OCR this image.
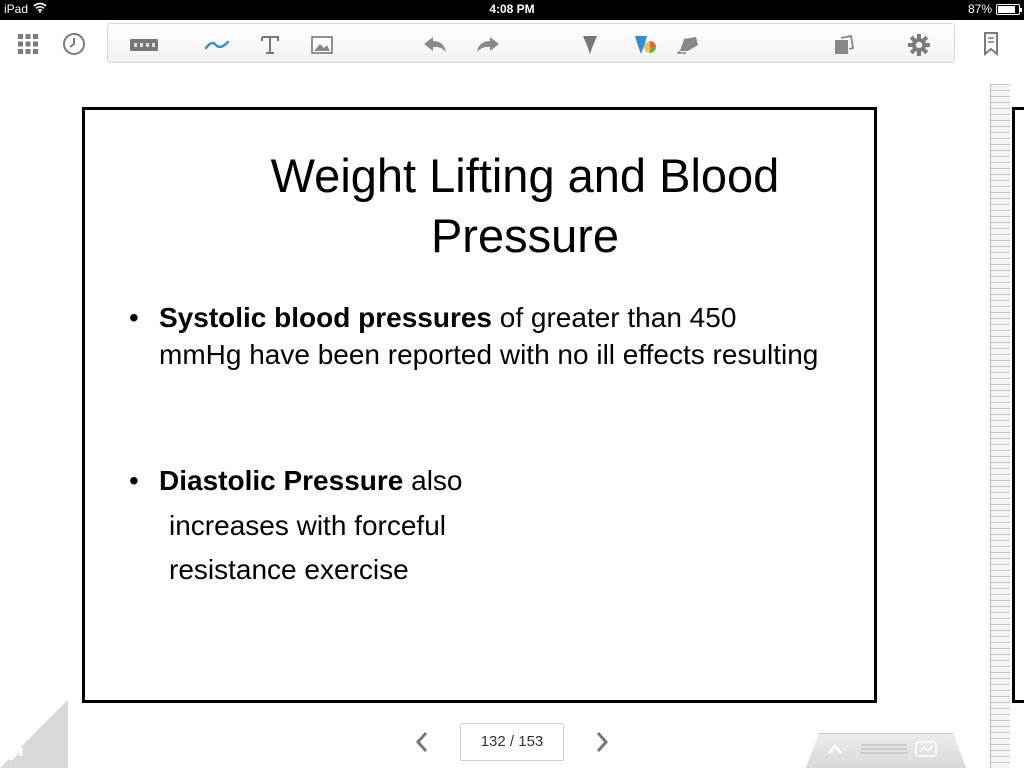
iPad	4:08 PM	87%
Weight Lifting and Blood Pressure
• Systolic blood pressures of greater than 450 mmHg have been reported with no ill effects resulting
• Diastolic Pressure also
increases with forceful
resistance exercise
132 / 153
